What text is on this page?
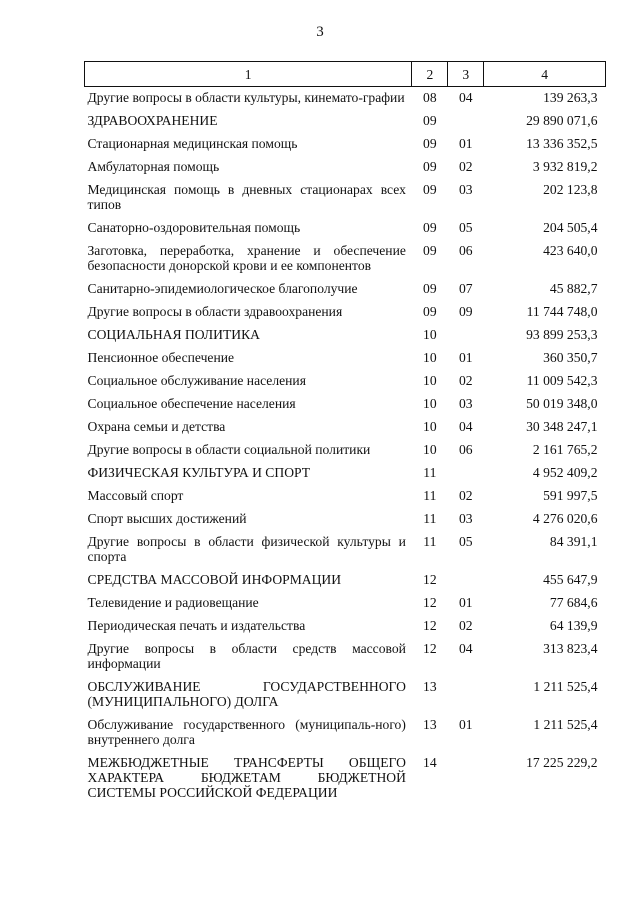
3
1	2	3	4
Другие вопросы в области культуры, кинемато-графии	08	04	139 263,3
ЗДРАВООХРАНЕНИЕ	09		29 890 071,6
Стационарная медицинская помощь	09	01	13 336 352,5
Амбулаторная помощь	09	02	3 932 819,2
Медицинская помощь в дневных стационарах всех типов	09	03	202 123,8
Санаторно-оздоровительная помощь	09	05	204 505,4
Заготовка, переработка, хранение и обеспечение безопасности донорской крови и ее компонентов	09	06	423 640,0
Санитарно-эпидемиологическое благополучие	09	07	45 882,7
Другие вопросы в области здравоохранения	09	09	11 744 748,0
СОЦИАЛЬНАЯ ПОЛИТИКА	10		93 899 253,3
Пенсионное обеспечение	10	01	360 350,7
Социальное обслуживание населения	10	02	11 009 542,3
Социальное обеспечение населения	10	03	50 019 348,0
Охрана семьи и детства	10	04	30 348 247,1
Другие вопросы в области социальной политики	10	06	2 161 765,2
ФИЗИЧЕСКАЯ КУЛЬТУРА И СПОРТ	11		4 952 409,2
Массовый спорт	11	02	591 997,5
Спорт высших достижений	11	03	4 276 020,6
Другие вопросы в области физической культуры и спорта	11	05	84 391,1
СРЕДСТВА МАССОВОЙ ИНФОРМАЦИИ	12		455 647,9
Телевидение и радиовещание	12	01	77 684,6
Периодическая печать и издательства	12	02	64 139,9
Другие вопросы в области средств массовой информации	12	04	313 823,4
ОБСЛУЖИВАНИЕ ГОСУДАРСТВЕННОГО (МУНИЦИПАЛЬНОГО) ДОЛГА	13		1 211 525,4
Обслуживание государственного (муниципаль-ного) внутреннего долга	13	01	1 211 525,4
МЕЖБЮДЖЕТНЫЕ ТРАНСФЕРТЫ ОБЩЕГО ХАРАКТЕРА БЮДЖЕТАМ БЮДЖЕТНОЙ СИСТЕМЫ РОССИЙСКОЙ ФЕДЕРАЦИИ	14		17 225 229,2
